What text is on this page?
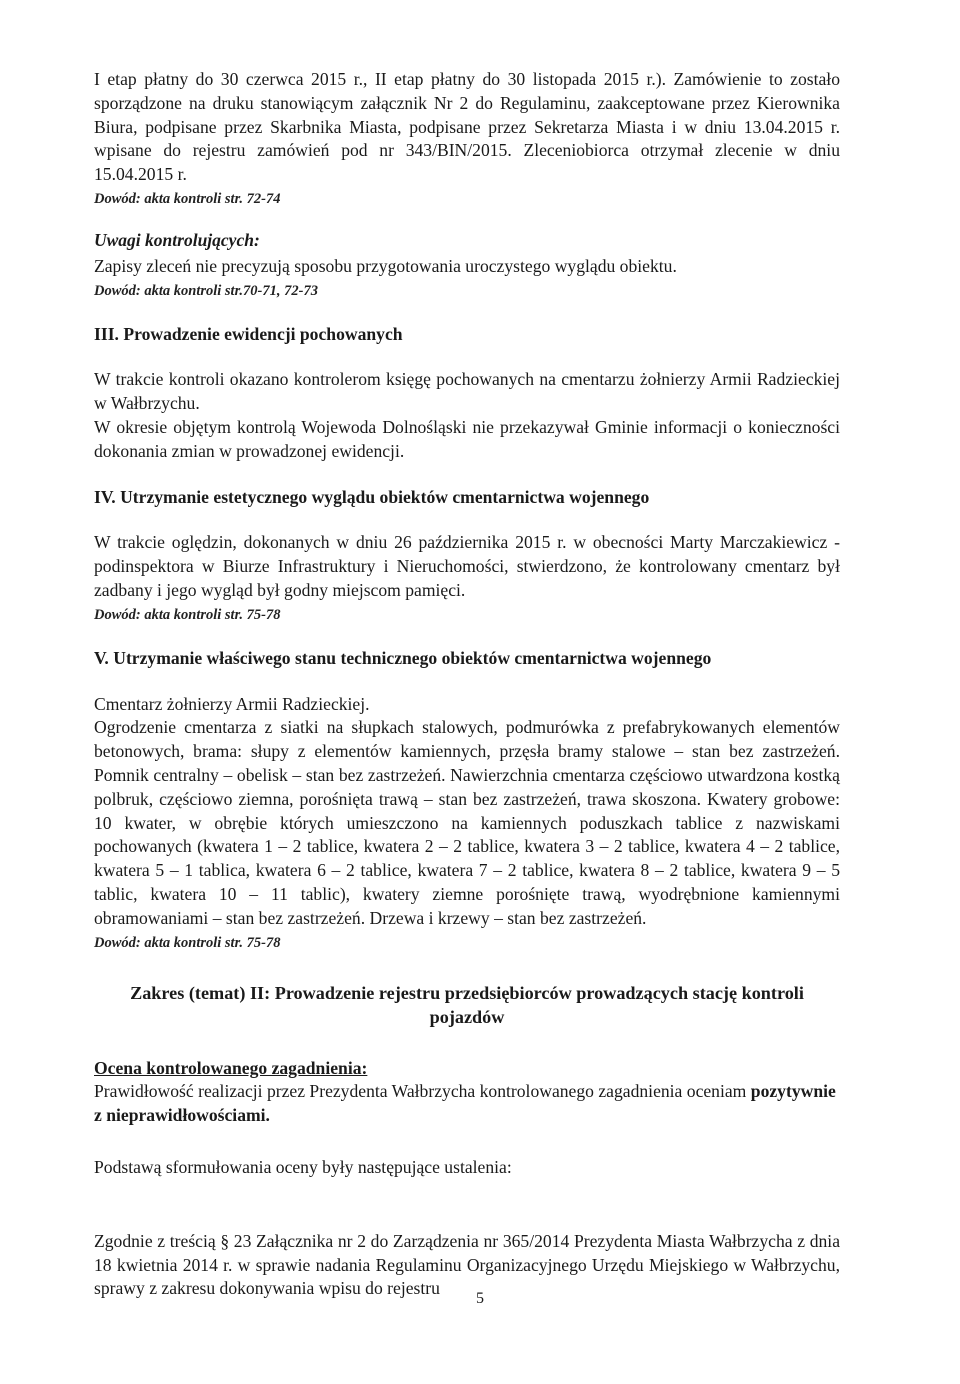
I etap płatny do 30 czerwca 2015 r., II etap płatny do 30 listopada 2015 r.). Zamówienie to zostało sporządzone na druku stanowiącym załącznik Nr 2 do Regulaminu, zaakceptowane przez Kierownika Biura, podpisane przez Skarbnika Miasta, podpisane przez Sekretarza Miasta i w dniu 13.04.2015 r. wpisane do rejestru zamówień pod nr 343/BIN/2015. Zleceniobiorca otrzymał zlecenie w dniu 15.04.2015 r.

Dowód: akta kontroli str. 72-74

Uwagi kontrolujących:

Zapisy zleceń nie precyzują sposobu przygotowania uroczystego wyglądu obiektu.

Dowód: akta kontroli str.70-71, 72-73

III. Prowadzenie ewidencji pochowanych

W trakcie kontroli okazano kontrolerom księgę pochowanych na cmentarzu żołnierzy Armii Radzieckiej w Wałbrzychu.

W okresie objętym kontrolą Wojewoda Dolnośląski nie przekazywał Gminie informacji o konieczności dokonania zmian w prowadzonej ewidencji.

IV. Utrzymanie estetycznego wyglądu obiektów cmentarnictwa wojennego

W trakcie oględzin, dokonanych w dniu 26 października 2015 r. w obecności Marty Marczakiewicz - podinspektora w Biurze Infrastruktury i Nieruchomości, stwierdzono, że kontrolowany cmentarz był zadbany i jego wygląd był godny miejscom pamięci.

Dowód: akta kontroli str. 75-78

V. Utrzymanie właściwego stanu technicznego obiektów cmentarnictwa wojennego

Cmentarz żołnierzy Armii Radzieckiej.

Ogrodzenie cmentarza z siatki na słupkach stalowych, podmurówka z prefabrykowanych elementów betonowych, brama: słupy z elementów kamiennych, przęsła bramy stalowe – stan bez zastrzeżeń. Pomnik centralny – obelisk – stan bez zastrzeżeń. Nawierzchnia cmentarza częściowo utwardzona kostką polbruk, częściowo ziemna, porośnięta trawą – stan bez zastrzeżeń, trawa skoszona. Kwatery grobowe: 10 kwater, w obrębie których umieszczono na kamiennych poduszkach tablice z nazwiskami pochowanych (kwatera 1 – 2 tablice, kwatera 2 – 2 tablice, kwatera 3 – 2 tablice, kwatera 4 – 2 tablice, kwatera 5 – 1 tablica, kwatera 6 – 2 tablice, kwatera 7 – 2 tablice, kwatera 8 – 2 tablice, kwatera 9 – 5 tablic, kwatera 10 – 11 tablic), kwatery ziemne porośnięte trawą, wyodrębnione kamiennymi obramowaniami – stan bez zastrzeżeń. Drzewa i krzewy – stan bez zastrzeżeń.

Dowód: akta kontroli str. 75-78

Zakres (temat) II: Prowadzenie rejestru przedsiębiorców prowadzących stację kontroli pojazdów

Ocena kontrolowanego zagadnienia:

Prawidłowość realizacji przez Prezydenta Wałbrzycha kontrolowanego zagadnienia oceniam pozytywnie z nieprawidłowościami.

Podstawą sformułowania oceny były następujące ustalenia:

Zgodnie z treścią § 23 Załącznika nr 2 do Zarządzenia nr 365/2014 Prezydenta Miasta Wałbrzycha z dnia 18 kwietnia 2014 r. w sprawie nadania Regulaminu Organizacyjnego Urzędu Miejskiego w Wałbrzychu, sprawy z zakresu dokonywania wpisu do rejestru

5
